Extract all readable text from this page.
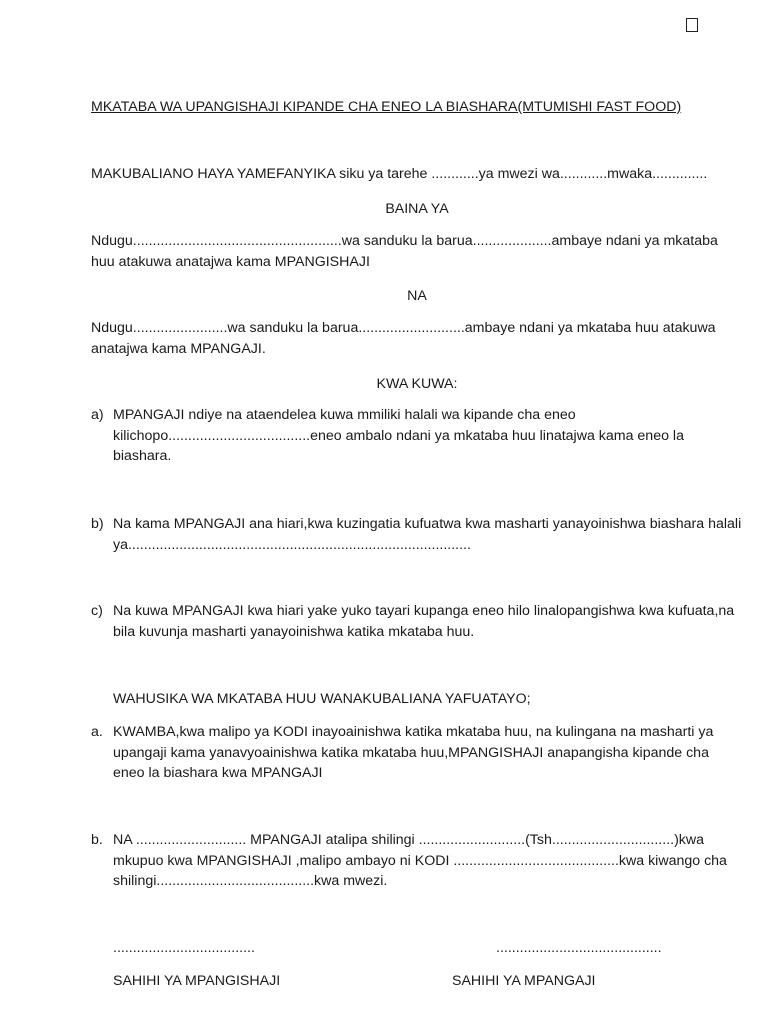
MKATABA WA UPANGISHAJI KIPANDE CHA ENEO LA BIASHARA(MTUMISHI FAST FOOD)
MAKUBALIANO HAYA YAMEFANYIKA siku ya tarehe ............ya mwezi wa............mwaka..............
BAINA YA
Ndugu.....................................................wa sanduku la barua....................ambaye ndani ya mkataba huu atakuwa anatajwa kama MPANGISHAJI
NA
Ndugu........................wa sanduku la barua...........................ambaye ndani ya mkataba huu atakuwa anatajwa kama MPANGAJI.
KWA KUWA:
a) MPANGAJI ndiye na ataendelea kuwa mmiliki halali wa kipande cha eneo kilichopo....................................eneo ambalo ndani ya mkataba huu linatajwa kama eneo la biashara.
b) Na kama MPANGAJI ana hiari,kwa kuzingatia kufuatwa kwa masharti yanayoinishwa biashara halali ya.......................................................................................
c) Na kuwa MPANGAJI kwa hiari yake yuko tayari kupanga eneo hilo linalopangishwa kwa kufuata,na bila kuvunja masharti yanayoinishwa katika mkataba huu.
WAHUSIKA WA MKATABA HUU WANAKUBALIANA YAFUATAYO;
a. KWAMBA,kwa malipo ya KODI inayoainishwa katika mkataba huu, na kulingana na masharti ya upangaji kama yanavyoainishwa katika mkataba huu,MPANGISHAJI anapangisha kipande cha eneo la biashara kwa MPANGAJI
b. NA ............................ MPANGAJI atalipa shilingi ...........................(Tsh...............................)kwa mkupuo kwa MPANGISHAJI ,malipo ambayo ni KODI ..........................................kwa kiwango cha shilingi........................................kwa mwezi.
....................................	..........................................
SAHIHI YA MPANGISHAJI	SAHIHI YA MPANGAJI
